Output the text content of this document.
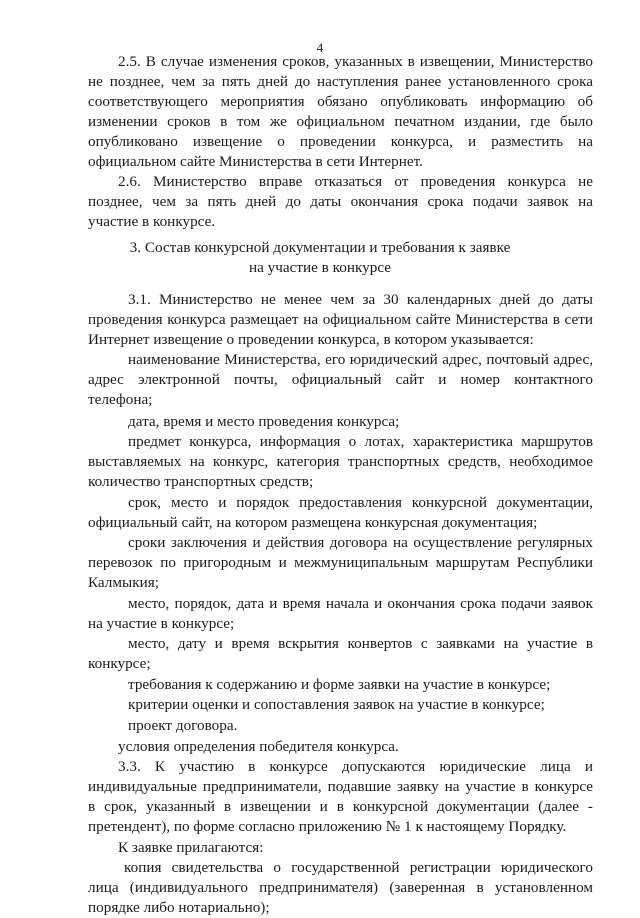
4
2.5. В случае изменения сроков, указанных в извещении, Министерство
не позднее, чем за пять дней до наступления ранее установленного срока
соответствующего мероприятия обязано опубликовать информацию об
изменении сроков в том же официальном печатном издании, где было
опубликовано извещение о проведении конкурса, и разместить на
официальном сайте Министерства в сети Интернет.
2.6. Министерство вправе отказаться от проведения конкурса не
позднее, чем за пять дней до даты окончания срока подачи заявок на
участие в конкурсе.
3. Состав конкурсной документации и требования к заявке
на участие в конкурсе
3.1. Министерство не менее чем за 30 календарных дней до даты
проведения конкурса размещает на официальном сайте Министерства в сети
Интернет извещение о проведении конкурса, в котором указывается:
наименование Министерства, его юридический адрес, почтовый адрес,
адрес электронной почты, официальный сайт и номер контактного
телефона;
дата, время и место проведения конкурса;
предмет конкурса, информация о лотах, характеристика маршрутов
выставляемых на конкурс, категория транспортных средств, необходимое
количество транспортных средств;
срок, место и порядок предоставления конкурсной документации,
официальный сайт, на котором размещена конкурсная документация;
сроки заключения и действия договора на осуществление регулярных
перевозок по пригородным и межмуниципальным маршрутам Республики
Калмыкия;
место, порядок, дата и время начала и окончания срока подачи заявок
на участие в конкурсе;
место, дату и время вскрытия конвертов с заявками на участие в
конкурсе;
требования к содержанию и форме заявки на участие в конкурсе;
критерии оценки и сопоставления заявок на участие в конкурсе;
проект договора.
условия определения победителя конкурса.
3.3. К участию в конкурсе допускаются юридические лица и
индивидуальные предприниматели, подавшие заявку на участие в конкурсе
в срок, указанный в извещении и в конкурсной документации (далее -
претендент), по форме согласно приложению № 1 к настоящему Порядку.
К заявке прилагаются:
копия свидетельства о государственной регистрации юридического
лица (индивидуального предпринимателя) (заверенная в установленном
порядке либо нотариально);
